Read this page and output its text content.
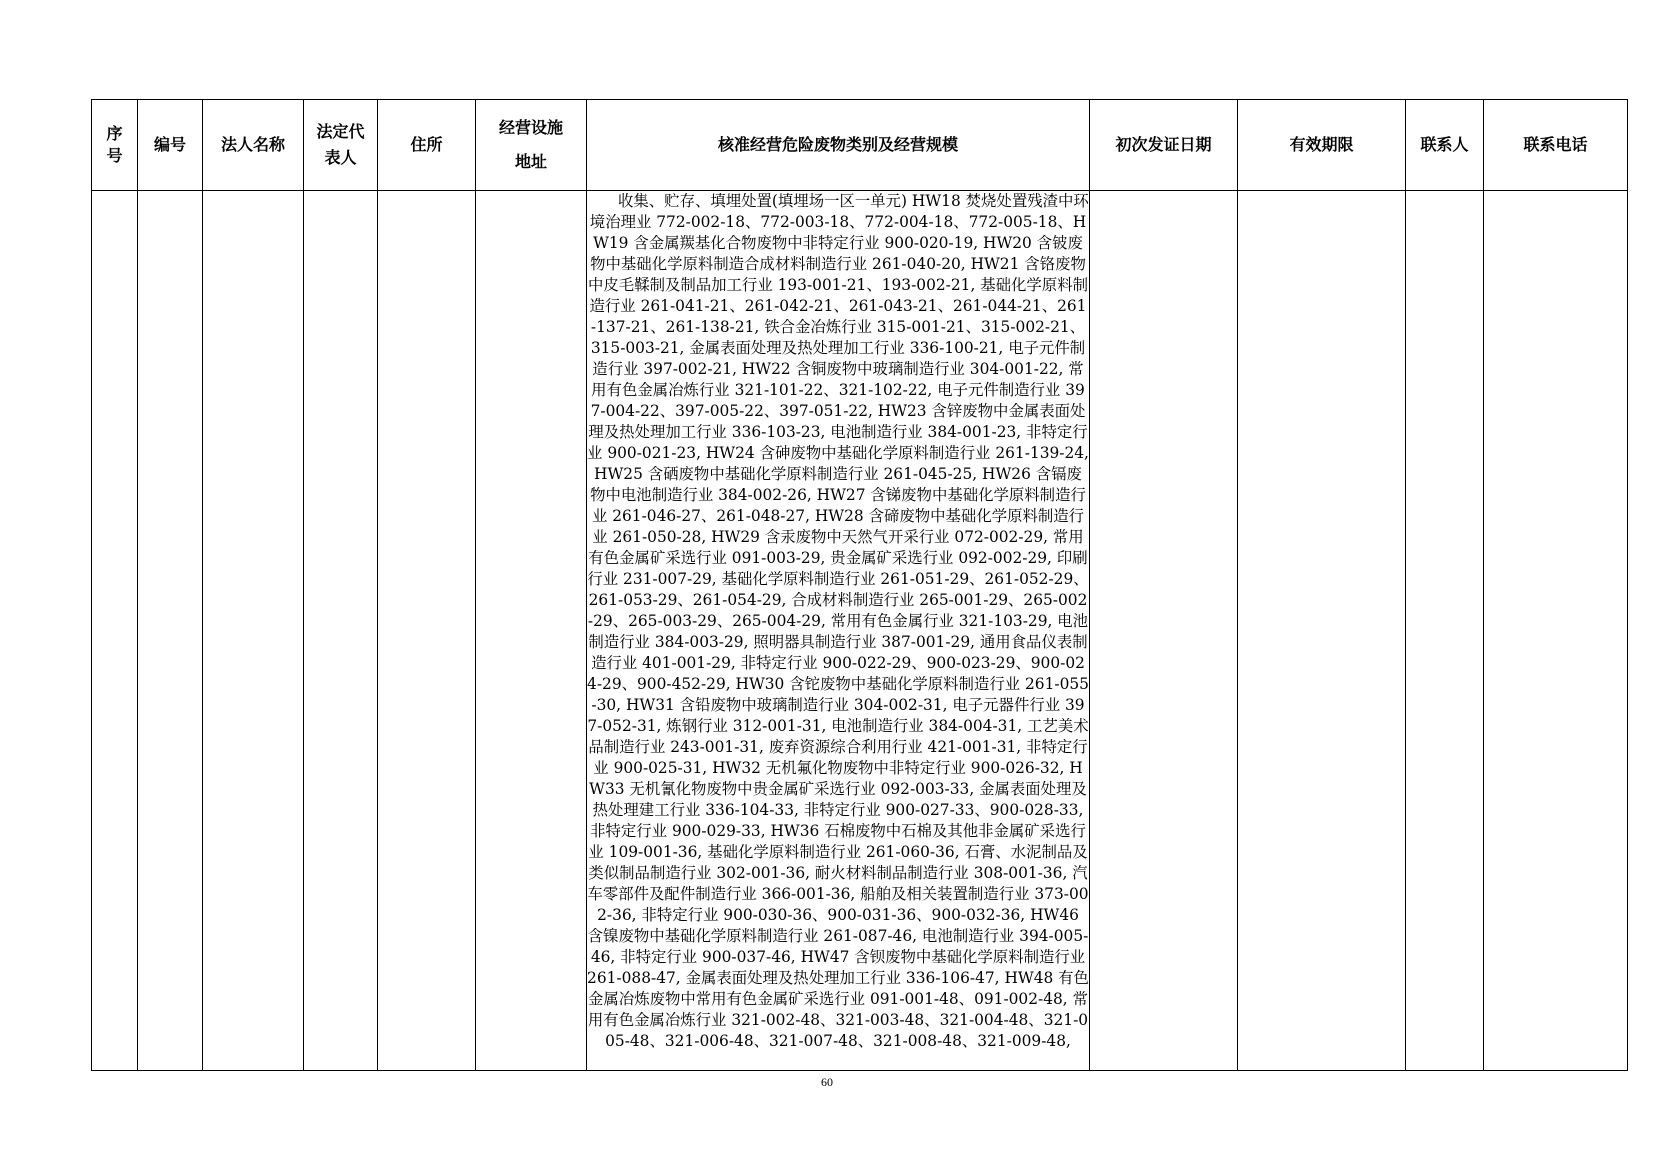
序号	编号	法人名称	法定代表人	住所	经营设施地址	核准经营危险废物类别及经营规模	初次发证日期	有效期限	联系人	联系电话
						收集、贮存、填埋处置(填埋场一区一单元) HW18 焚烧处置残渣中环境治理业 772-002-18、772-003-18、772-004-18、772-005-18、HW19 含金属羰基化合物废物中非特定行业 900-020-19, HW20 含铍废物中基础化学原料制造合成材料制造行业 261-040-20, HW21 含铬废物中皮毛鞣制及制品加工行业 193-001-21、193-002-21, 基础化学原料制造行业 261-041-21、261-042-21、261-043-21、261-044-21、261-137-21、261-138-21, 铁合金冶炼行业 315-001-21、315-002-21、315-003-21, 金属表面处理及热处理加工行业 336-100-21, 电子元件制造行业 397-002-21, HW22 含铜废物中玻璃制造行业 304-001-22, 常用有色金属冶炼行业 321-101-22、321-102-22, 电子元件制造行业 397-004-22、397-005-22、397-051-22, HW23 含锌废物中金属表面处理及热处理加工行业 336-103-23, 电池制造行业 384-001-23, 非特定行业 900-021-23, HW24 含砷废物中基础化学原料制造行业 261-139-24, HW25 含硒废物中基础化学原料制造行业 261-045-25, HW26 含镉废物中电池制造行业 384-002-26, HW27 含锑废物中基础化学原料制造行业 261-046-27、261-048-27, HW28 含碲废物中基础化学原料制造行业 261-050-28, HW29 含汞废物中天然气开采行业 072-002-29, 常用有色金属矿采选行业 091-003-29, 贵金属矿采选行业 092-002-29, 印刷行业 231-007-29, 基础化学原料制造行业 261-051-29、261-052-29、261-053-29、261-054-29, 合成材料制造行业 265-001-29、265-002-29、265-003-29、265-004-29, 常用有色金属行业 321-103-29, 电池制造行业 384-003-29, 照明器具制造行业 387-001-29, 通用食品仪表制造行业 401-001-29, 非特定行业 900-022-29、900-023-29、900-024-29、900-452-29, HW30 含铊废物中基础化学原料制造行业 261-055-30, HW31 含铅废物中玻璃制造行业 304-002-31, 电子元器件行业 397-052-31, 炼钢行业 312-001-31, 电池制造行业 384-004-31, 工艺美术品制造行业 243-001-31, 废弃资源综合利用行业 421-001-31, 非特定行业 900-025-31, HW32 无机氟化物废物中非特定行业 900-026-32, HW33 无机氰化物废物中贵金属矿采选行业 092-003-33, 金属表面处理及热处理建工行业 336-104-33, 非特定行业 900-027-33、900-028-33, 非特定行业 900-029-33, HW36 石棉废物中石棉及其他非金属矿采选行业 109-001-36, 基础化学原料制造行业 261-060-36, 石膏、水泥制品及类似制品制造行业 302-001-36, 耐火材料制品制造行业 308-001-36, 汽车零部件及配件制造行业 366-001-36, 船舶及相关装置制造行业 373-002-36, 非特定行业 900-030-36、900-031-36、900-032-36, HW46 含镍废物中基础化学原料制造行业 261-087-46, 电池制造行业 394-005-46, 非特定行业 900-037-46, HW47 含钡废物中基础化学原料制造行业 261-088-47, 金属表面处理及热处理加工行业 336-106-47, HW48 有色金属冶炼废物中常用有色金属矿采选行业 091-001-48、091-002-48, 常用有色金属冶炼行业 321-002-48、321-003-48、321-004-48、321-005-48、321-006-48、321-007-48、321-008-48、321-009-48,				
60
